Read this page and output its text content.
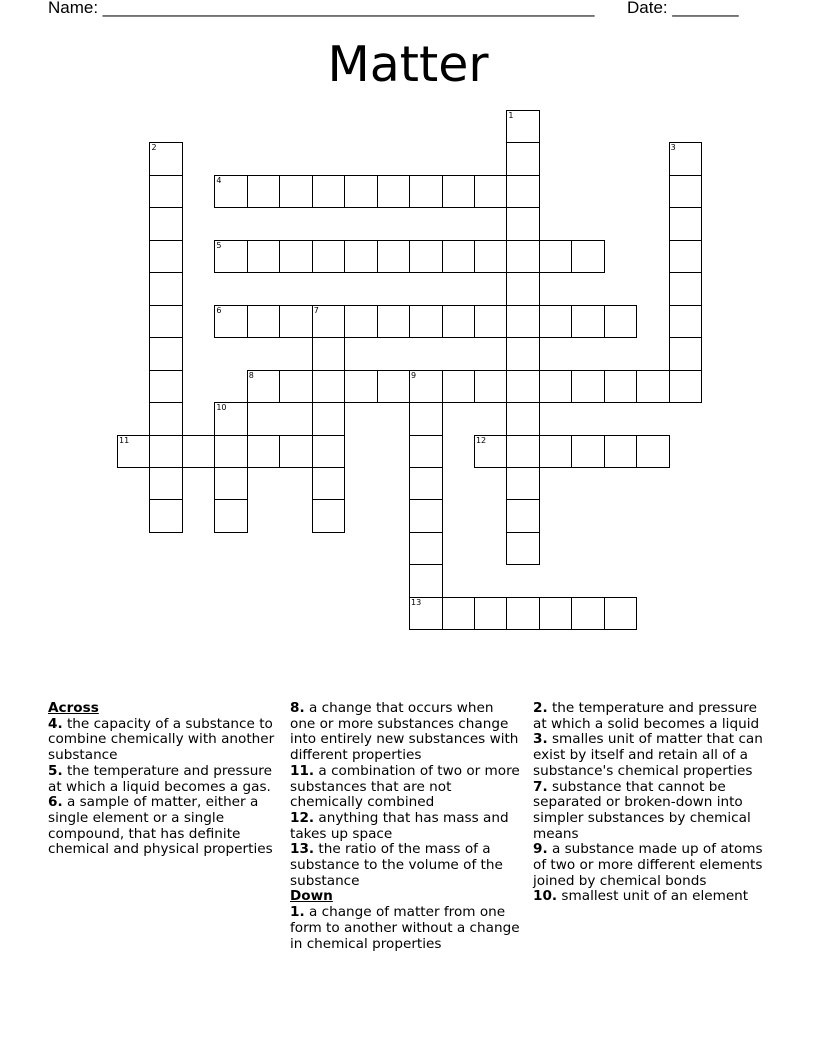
Name: ____________________________________________________ Date: _______
Matter
4
5
6	7
8	9
11	12
13
1
2	3
10
Across
4. the capacity of a substance to combine chemically with another substance
5. the temperature and pressure at which a liquid becomes a gas.
6. a sample of matter, either a single element or a single compound, that has definite chemical and physical properties
8. a change that occurs when one or more substances change into entirely new substances with different properties
11. a combination of two or more substances that are not chemically combined
12. anything that has mass and takes up space
13. the ratio of the mass of a substance to the volume of the substance
Down
1. a change of matter from one form to another without a change in chemical properties
2. the temperature and pressure at which a solid becomes a liquid
3. smalles unit of matter that can exist by itself and retain all of a substance's chemical properties
7. substance that cannot be separated or broken-down into simpler substances by chemical means
9. a substance made up of atoms of two or more different elements joined by chemical bonds
10. smallest unit of an element
